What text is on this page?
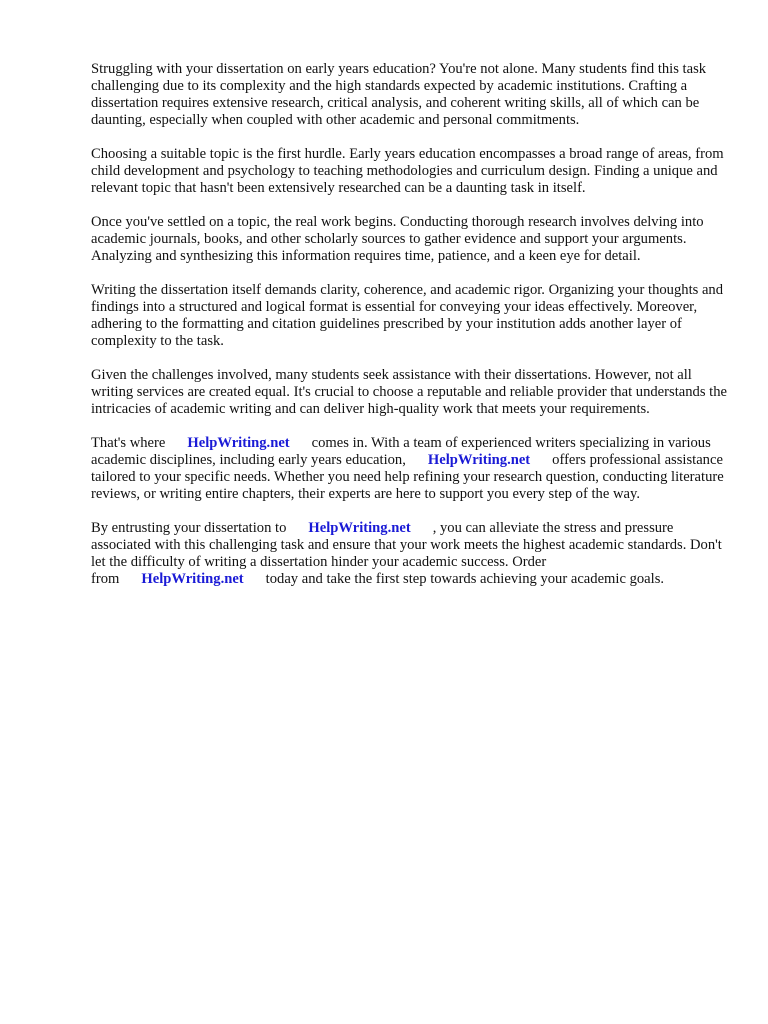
Struggling with your dissertation on early years education? You're not alone. Many students find this task challenging due to its complexity and the high standards expected by academic institutions. Crafting a dissertation requires extensive research, critical analysis, and coherent writing skills, all of which can be daunting, especially when coupled with other academic and personal commitments.

Choosing a suitable topic is the first hurdle. Early years education encompasses a broad range of areas, from child development and psychology to teaching methodologies and curriculum design. Finding a unique and relevant topic that hasn't been extensively researched can be a daunting task in itself.

Once you've settled on a topic, the real work begins. Conducting thorough research involves delving into academic journals, books, and other scholarly sources to gather evidence and support your arguments. Analyzing and synthesizing this information requires time, patience, and a keen eye for detail.

Writing the dissertation itself demands clarity, coherence, and academic rigor. Organizing your thoughts and findings into a structured and logical format is essential for conveying your ideas effectively. Moreover, adhering to the formatting and citation guidelines prescribed by your institution adds another layer of complexity to the task.

Given the challenges involved, many students seek assistance with their dissertations. However, not all writing services are created equal. It's crucial to choose a reputable and reliable provider that understands the intricacies of academic writing and can deliver high-quality work that meets your requirements.

That's where HelpWriting.net comes in. With a team of experienced writers specializing in various academic disciplines, including early years education, HelpWriting.net offers professional assistance tailored to your specific needs. Whether you need help refining your research question, conducting literature reviews, or writing entire chapters, their experts are here to support you every step of the way.

By entrusting your dissertation to HelpWriting.net , you can alleviate the stress and pressure associated with this challenging task and ensure that your work meets the highest academic standards. Don't let the difficulty of writing a dissertation hinder your academic success. Order from HelpWriting.net today and take the first step towards achieving your academic goals.
